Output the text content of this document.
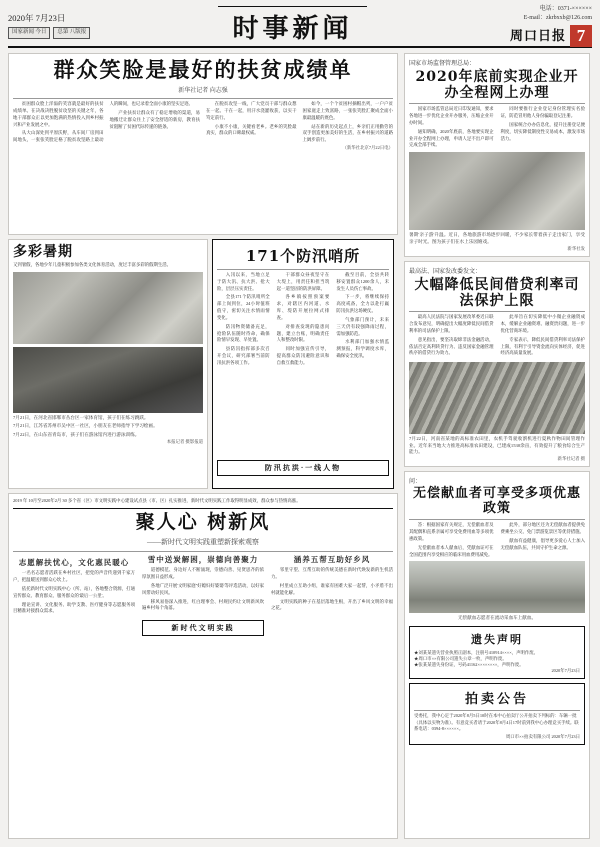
2020年 7月23日
国家新闻 今日	总第 八版报	时事新闻
电话：0371-××××××
E-mail：zkrbxxb@126.com
周口日报 7
群众笑脸是最好的扶贫成绩单
新华社记者 向志强

贫困群众脸上洋溢的笑容就是最好的扶贫成绩单。在决战决胜脱贫攻坚的关键之年，各地干部群众正以更加饱满的热情投入到乡村振兴和产业发展之中。

从大山深处到平原沃野，从车间厂房到田间地头，一张张笑脸定格了脱贫攻坚路上最动人的瞬间，也记录着全面小康的坚实足迹。

产业扶贫让群众有了稳定增收的渠道，易地搬迁让群众住上了安全舒适的新房，教育扶贫阻断了贫困代际传递的链条。

在脱贫攻坚一线，广大党员干部与群众想在一起、干在一起，用汗水浇灌收获，以实干笃定前行。

小康不小康，关键看老乡。老乡的笑脸最真实，群众的口碑最权威。

如今，一个个贫困村摘帽出列，一户户贫困家庭走上致富路，一张张笑脸汇聚成全面小康最温暖的底色。

站在新的历史起点上，乡亲们正用勤劳的双手创造更加美好的生活，在乡村振兴的道路上阔步前行。

（新华社北京7月22日电）
多彩暑期
又到暑假，各地少年儿童积极参加各类文化体育活动，度过丰富多彩的假期生活。
7月21日，在河北省邯郸市丛台区一家体育馆，孩子们在练习跳跃。
7月21日，江苏省苏州市吴中区一社区，小朋友在老师指导下学习绘画。
7月22日，在山东省青岛市，孩子们在游泳馆内进行游泳训练。
本报记者 摄影报道
171个防汛哨所

入汛以来，当地立足于防大汛、抗大洪、抢大险，层层压实责任。

全县171个防汛哨所全部上岗到位，24小时值班值守，密切关注水情雨情变化。

防汛物资储备充足，抢险队伍随时待命，确保险情早发现、早处置。

县防汛指挥部多次召开会议，研究部署当前防汛抗洪各项工作。

干部群众昼夜坚守在大堤上，用责任和担当筑起一道坚固的防洪屏障。

各乡镇按照预案要求，对辖区内河道、水库、堤防开展拉网式排查。

对排查发现的隐患问题，建立台账，明确责任人和整改时限。

同时加强宣传引导，提高群众防汛避险意识和自救互救能力。

截至目前，全县共转移安置群众1200余人，未发生人员伤亡事故。

下一步，将继续保持高度戒备，全力以赴打赢防汛抗洪这场硬仗。

气象部门预计，未来三天仍有较强降雨过程，需加强防范。

水利部门加强水情监测预报，科学调度水库，确保安全度汛。

防汛抗洪·一线人物
2019 年 10月至2020年2月 30 多个省（区）市文明实践中心建设试点县（市、区）扎实推进，新时代文明实践工作取得明显成效，群众参与热情高涨。
聚人心 树新风
——新时代文明实践重塑新探索观察
志愿解扶忧心，文化惠民暖心

一名名志愿者活跃在乡村社区，把党的声音传递到千家万户，把温暖送到群众心坎上。

依托新时代文明实践中心（所、站），各地整合资源，打通宣传群众、教育群众、服务群众的'最后一公里'。

理论宣讲、文化服务、助学支教、医疗健身等志愿服务项目精准对接群众需求。

雪中送炭解困，崇德向善聚力

道德模范、身边好人不断涌现，崇德向善、见贤思齐的浓厚氛围日益形成。

各地广泛开展'文明家庭''好媳妇好婆婆'等评选活动，以好家风带动好民风。

移风易俗深入推进，红白理事会、村规民约让文明新风吹遍乡村每个角落。

涵养五帮互助好乡风

邻里守望、互帮互助的传统美德在新时代焕发新的生机活力。

村里成立互助小组，谁家有困难大家一起帮，小矛盾不出村就能化解。

文明实践的种子在基层落地生根，开出了乡风文明的幸福之花。

新时代文明实践
国家市场监督管理总局：
2020年底前实现企业开办全程网上办理

国家市场监管总局近日印发通知，要求各地进一步优化企业开办服务，压缩企业开办时间。

通知明确，2020年底前，各地要实现企业开办全程网上办理，申请人足不出户即可完成全部手续。

同时要推行企业登记身份管理实名验证，防范冒用他人身份骗取登记注册。

国家统合办办信息化，提升注册登记便利度，切实降低制度性交易成本，激发市场活力。

暑期'亲子游'升温。近日，各地旅游市场逐步回暖，不少家长带着孩子走出家门，享受亲子时光。图为孩子们在水上乐园嬉戏。
新华社发
最高法、国家发改委发文：
大幅降低民间借贷利率司法保护上限

最高人民法院与国家发展改革委近日联合发布意见，明确提出大幅度降低民间借贷利率的司法保护上限。

意见指出，要坚决取缔非法金融活动，依法否定高利转贷行为、违反国家金融管理秩序的借贷行为效力。

此举旨在切实降低中小微企业融资成本，缓解企业融资难、融资贵问题，进一步优化营商环境。

专家表示，降低民间借贷利率司法保护上限，有利于引导资金流向实体经济，促进经济高质量发展。

7月22日，河南省某地的高标准农田里，农机手驾驶收割机进行夏秋作物田间管理作业。近年来当地大力推进高标准农田建设，已建成1530余亩，有效提升了粮食综合生产能力。
新华社记者 摄
问：
无偿献血者可享受多项优惠政策

答：根据国家有关规定，无偿献血者及其配偶和直系亲属可享受免费用血等多项优惠政策。

无偿献血者本人献血后，凭献血证可在全国范围内享受相应的临床用血费用减免。

此外，部分地区还为无偿献血者提供免费乘坐公交、免门票游览景区等优待措施。

献血有益健康，倡导更多爱心人士加入无偿献血队伍，共同守护生命之源。

无偿献血志愿者在流动采血车上献血。
遗失声明
★刘某某遗失营业执照正副本，注册号410914××××，声明作废。
★周口市××有限公司遗失公章一枚，声明作废。
★张某某遗失身份证，号码41162××××××××，声明作废。
2020年7月23日
拍卖公告
受委托，我中心定于2020年8月5日10时在本中心拍卖厅公开拍卖下列标的：车辆一批（具体以实物为准）。有意竞买者请于2020年8月4日17时前到我中心办理竞买手续。联系电话：0394-8××××××。
周口市××拍卖有限公司 2020年7月23日
